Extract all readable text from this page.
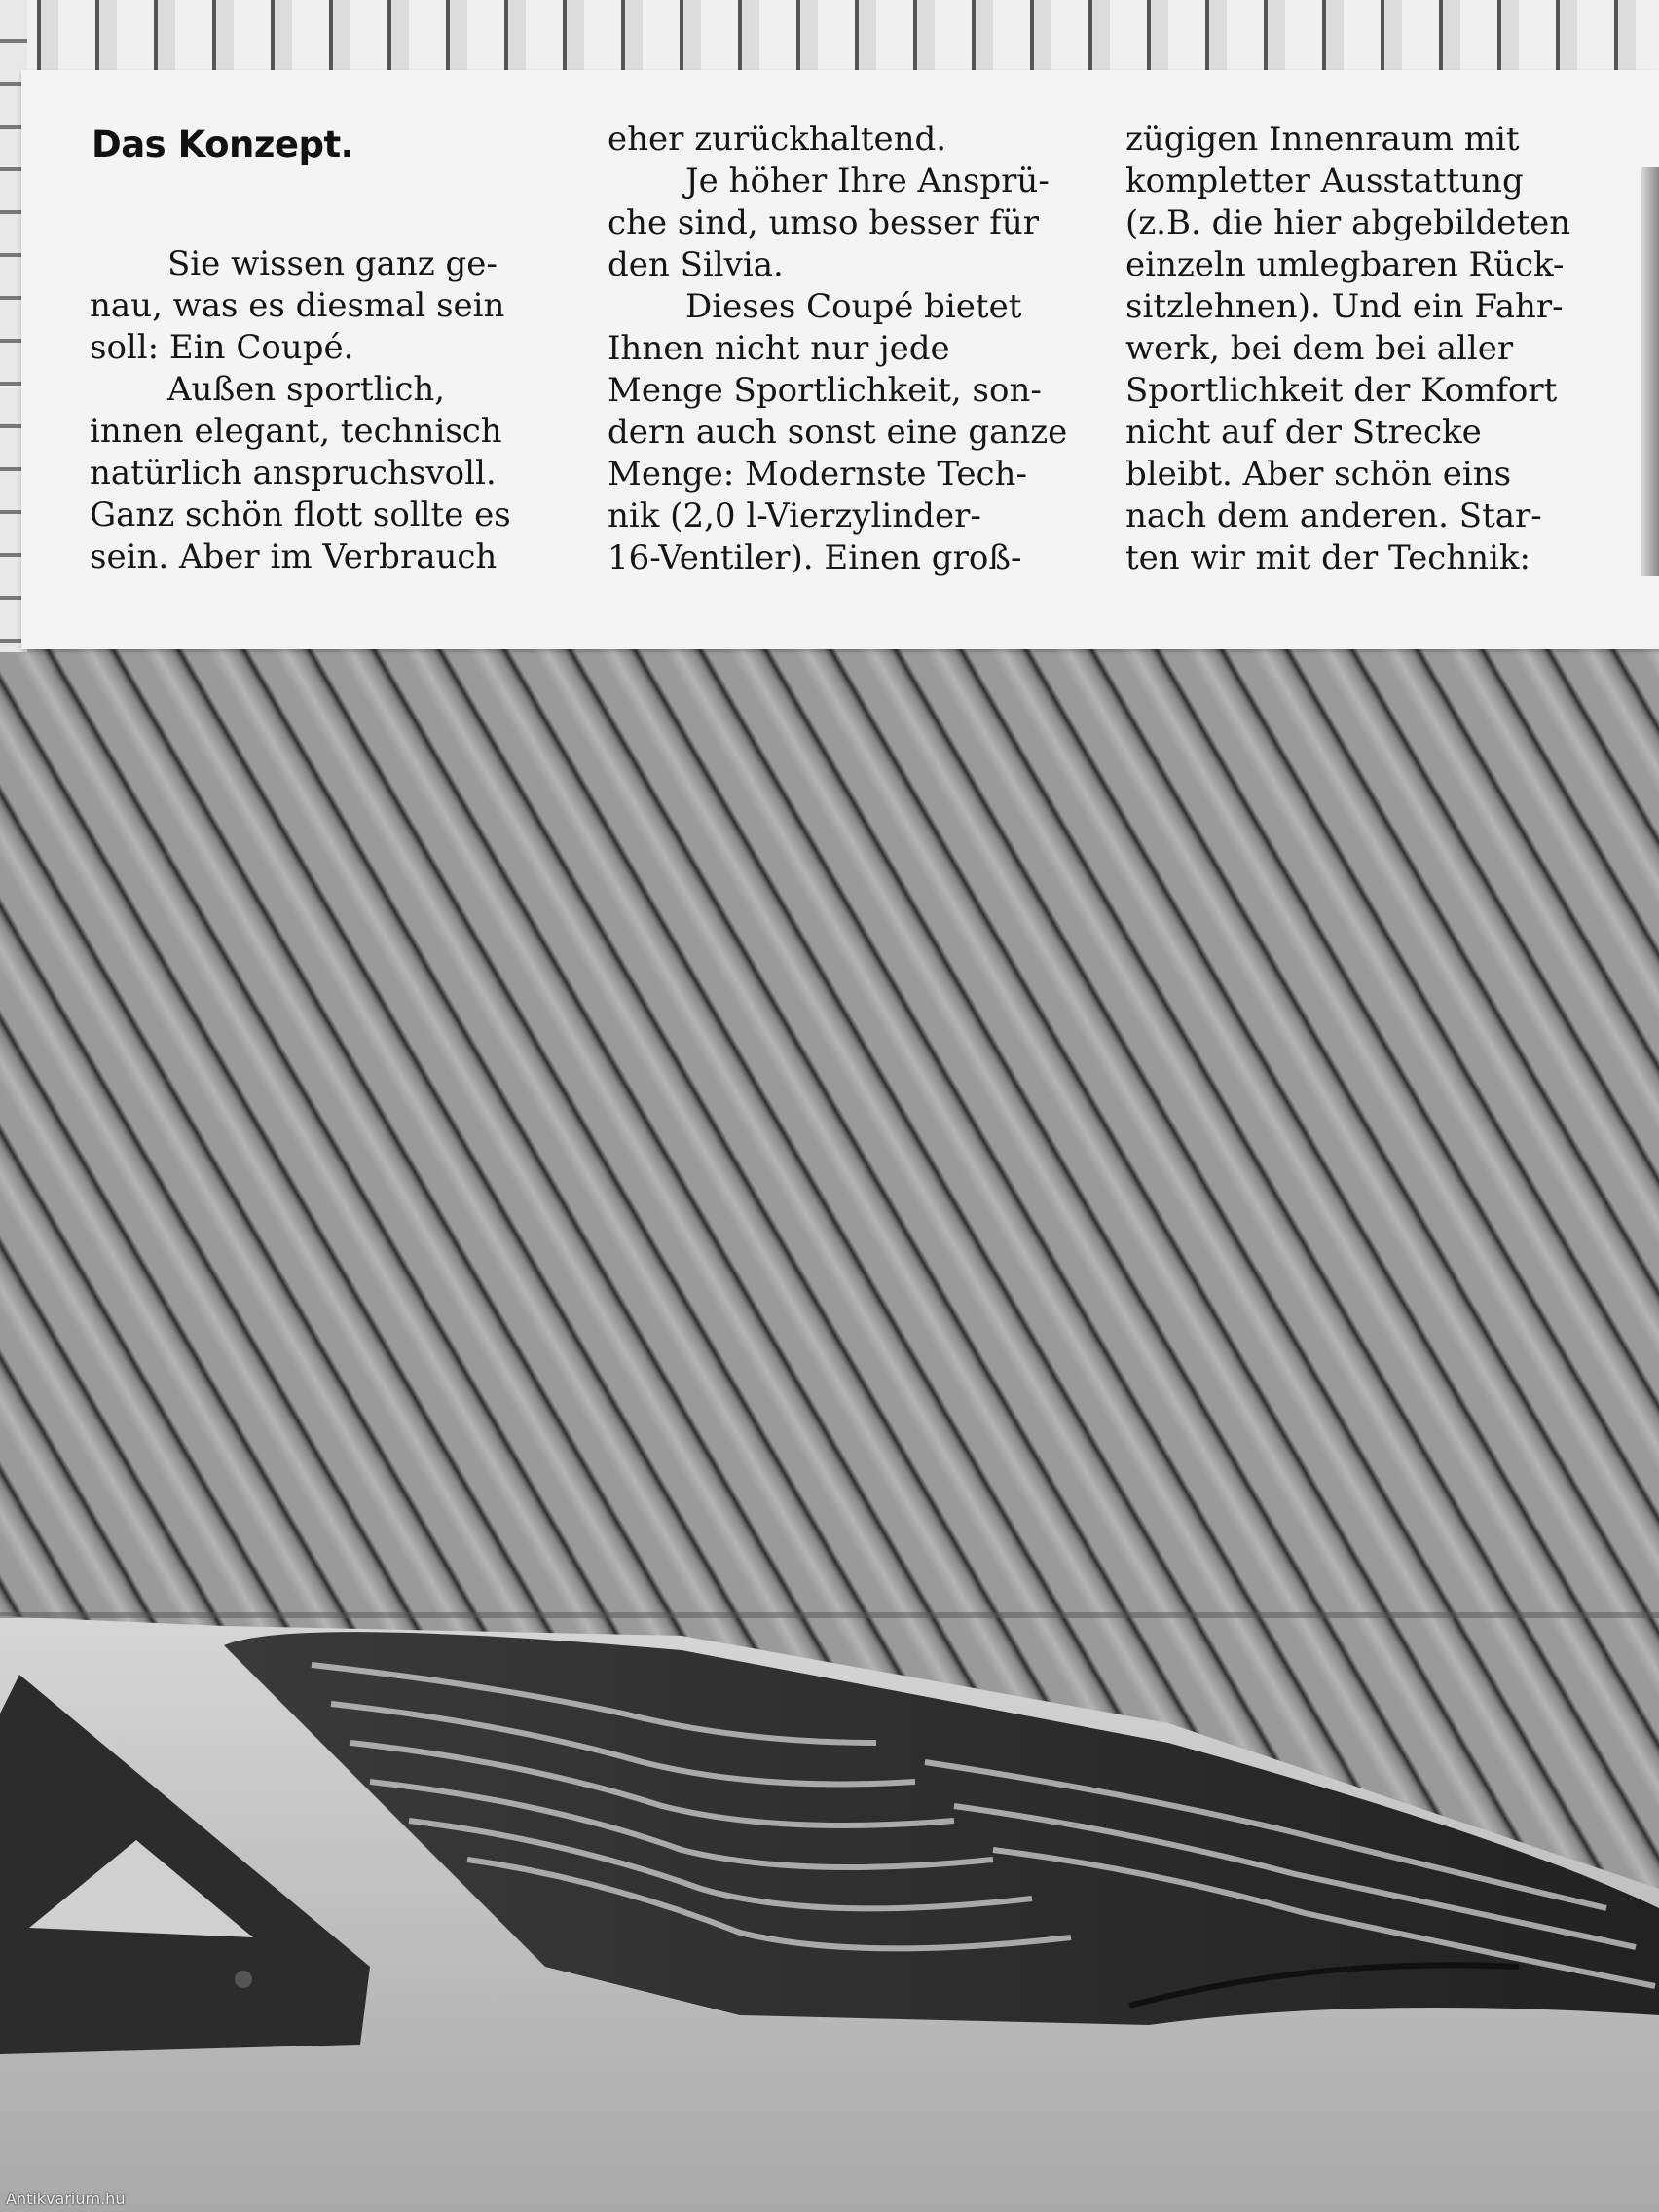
Das Konzept.

Sie wissen ganz ge-
nau, was es diesmal sein
soll: Ein Coupé.

Außen sportlich,
innen elegant, technisch
natürlich anspruchsvoll.
Ganz schön flott sollte es
sein. Aber im Verbrauch

eher zurückhaltend.

Je höher Ihre Ansprü-
che sind, umso besser für
den Silvia.

Dieses Coupé bietet
Ihnen nicht nur jede
Menge Sportlichkeit, son-
dern auch sonst eine ganze
Menge: Modernste Tech-
nik (2,0 l-Vierzylinder-
16-Ventiler). Einen groß-

zügigen Innenraum mit
kompletter Ausstattung
(z.B. die hier abgebildeten
einzeln umlegbaren Rück-
sitzlehnen). Und ein Fahr-
werk, bei dem bei aller
Sportlichkeit der Komfort
nicht auf der Strecke
bleibt. Aber schön eins
nach dem anderen. Star-
ten wir mit der Technik:

Antikvarium.hu
